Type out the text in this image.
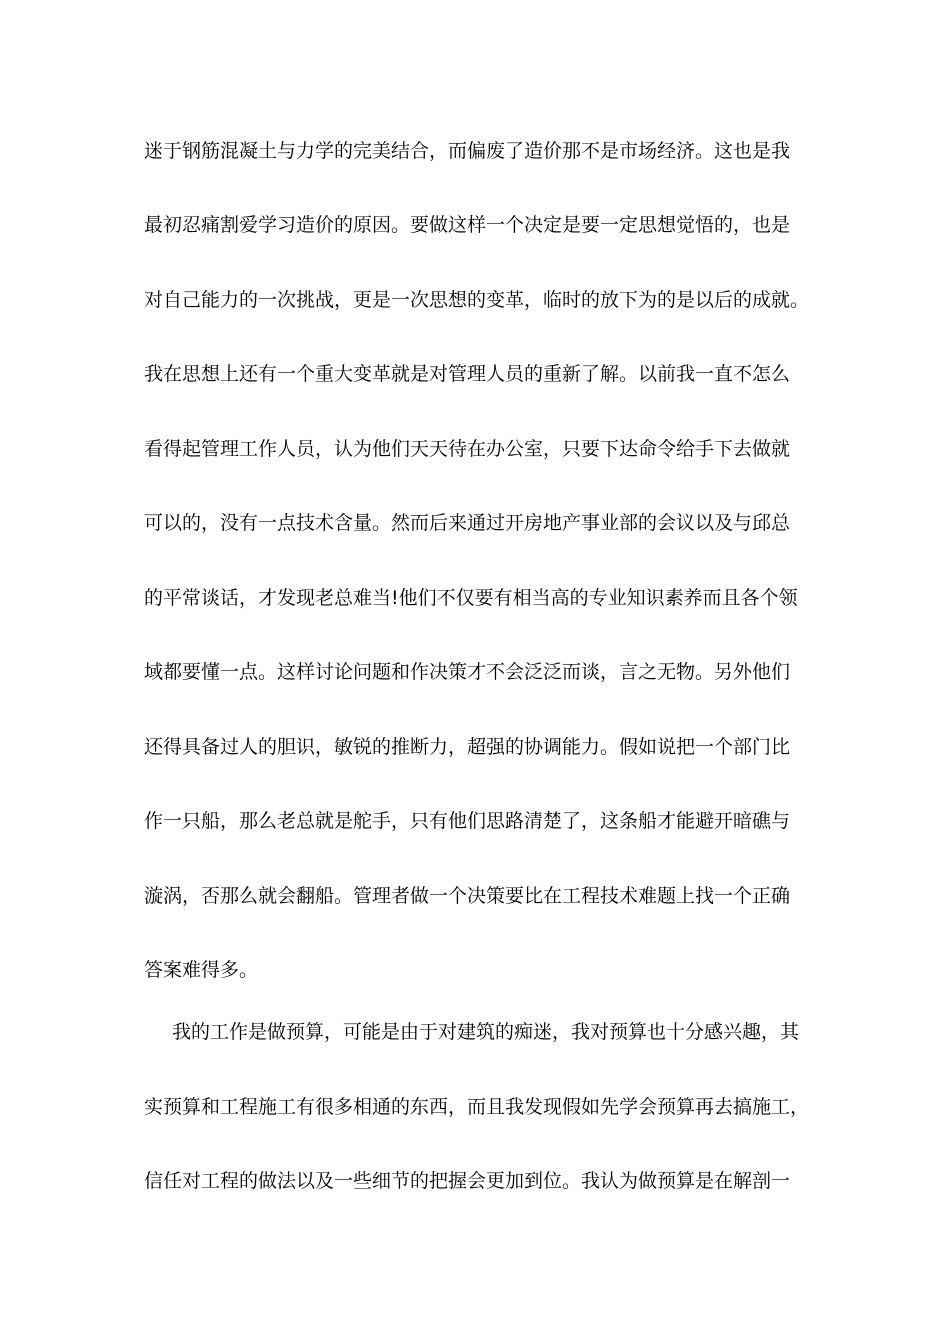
迷于钢筋混凝土与力学的完美结合，而偏废了造价那不是市场经济。这也是我
最初忍痛割爱学习造价的原因。要做这样一个决定是要一定思想觉悟的，也是
对自己能力的一次挑战，更是一次思想的变革，临时的放下为的是以后的成就。
我在思想上还有一个重大变革就是对管理人员的重新了解。以前我一直不怎么
看得起管理工作人员，认为他们天天待在办公室，只要下达命令给手下去做就
可以的，没有一点技术含量。然而后来通过开房地产事业部的会议以及与邱总
的平常谈话，才发现老总难当!他们不仅要有相当高的专业知识素养而且各个领
域都要懂一点。这样讨论问题和作决策才不会泛泛而谈，言之无物。另外他们
还得具备过人的胆识，敏锐的推断力，超强的协调能力。假如说把一个部门比
作一只船，那么老总就是舵手，只有他们思路清楚了，这条船才能避开暗礁与
漩涡，否那么就会翻船。管理者做一个决策要比在工程技术难题上找一个正确
答案难得多。
我的工作是做预算，可能是由于对建筑的痴迷，我对预算也十分感兴趣，其
实预算和工程施工有很多相通的东西，而且我发现假如先学会预算再去搞施工，
信任对工程的做法以及一些细节的把握会更加到位。我认为做预算是在解剖一
